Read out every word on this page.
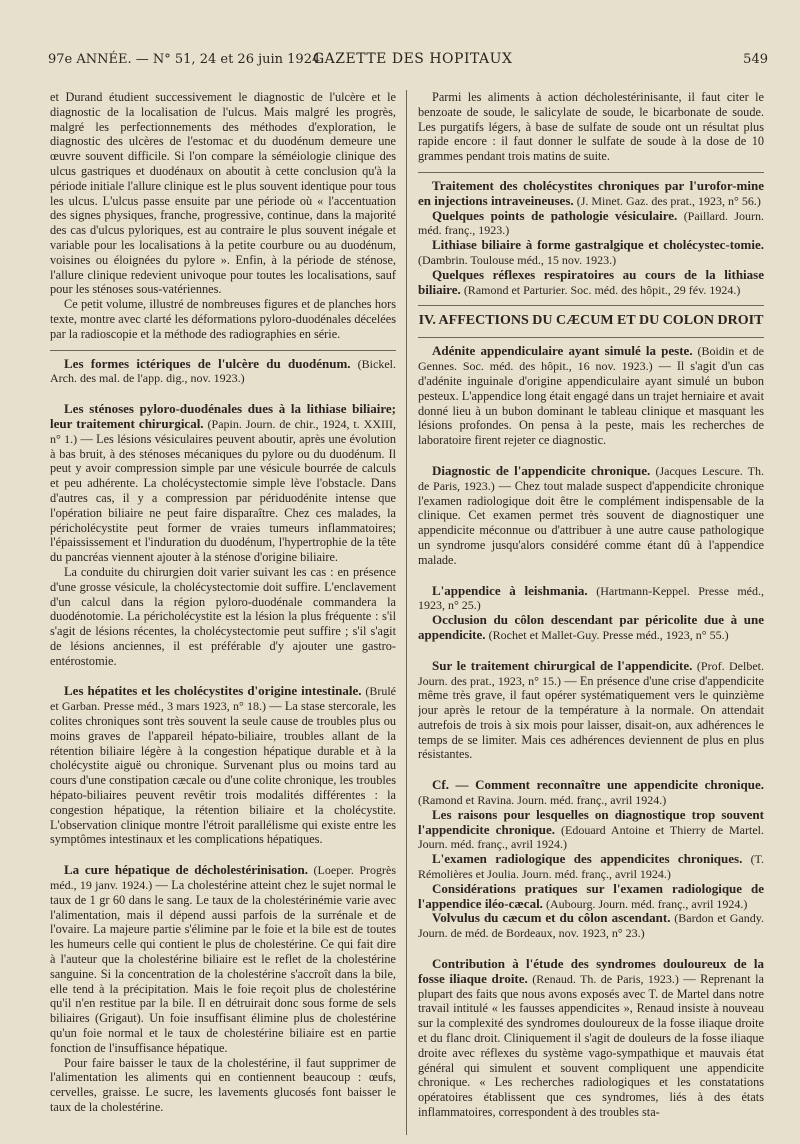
97e ANNÉE. — N° 51, 24 et 26 juin 1924.
GAZETTE DES HOPITAUX	549

et Durand étudient successivement le diagnostic de l'ulcère et le diagnostic de la localisation de l'ulcus. Mais malgré les progrès, malgré les perfectionnements des méthodes d'exploration, le diagnostic des ulcères de l'estomac et du duodénum demeure une œuvre souvent difficile. Si l'on compare la séméiologie clinique des ulcus gastriques et duodénaux on aboutit à cette conclusion qu'à la période initiale l'allure clinique est le plus souvent identique pour tous les ulcus. L'ulcus passe ensuite par une période où « l'accentuation des signes physiques, franche, progressive, continue, dans la majorité des cas d'ulcus pyloriques, est au contraire le plus souvent inégale et variable pour les localisations à la petite courbure ou au duodénum, voisines ou éloignées du pylore ». Enfin, à la période de sténose, l'allure clinique redevient univoque pour toutes les localisations, sauf pour les sténoses sous-vatériennes.

Ce petit volume, illustré de nombreuses figures et de planches hors texte, montre avec clarté les déformations pyloro-duodénales décelées par la radioscopie et la méthode des radiographies en série.

Les formes ictériques de l'ulcère du duodénum. (Bickel. Arch. des mal. de l'app. dig., nov. 1923.)

Les sténoses pyloro-duodénales dues à la lithiase biliaire; leur traitement chirurgical. (Papin. Journ. de chir., 1924, t. XXIII, n° 1.) — Les lésions vésiculaires peuvent aboutir, après une évolution à bas bruit, à des sténoses mécaniques du pylore ou du duodénum. Il peut y avoir compression simple par une vésicule bourrée de calculs et peu adhérente. La cholécystectomie simple lève l'obstacle. Dans d'autres cas, il y a compression par périduodénite intense que l'opération biliaire ne peut faire disparaître. Chez ces malades, la péricholécystite peut former de vraies tumeurs inflammatoires; l'épaississement et l'induration du duodénum, l'hypertrophie de la tête du pancréas viennent ajouter à la sténose d'origine biliaire.

La conduite du chirurgien doit varier suivant les cas : en présence d'une grosse vésicule, la cholécystectomie doit suffire. L'enclavement d'un calcul dans la région pyloro-duodénale commandera la duodénotomie. La péricholécystite est la lésion la plus fréquente : s'il s'agit de lésions récentes, la cholécystectomie peut suffire ; s'il s'agit de lésions anciennes, il est préférable d'y ajouter une gastro-entérostomie.

Les hépatites et les cholécystites d'origine intestinale. (Brulé et Garban. Presse méd., 3 mars 1923, n° 18.) — La stase stercorale, les colites chroniques sont très souvent la seule cause de troubles plus ou moins graves de l'appareil hépato-biliaire, troubles allant de la rétention biliaire légère à la congestion hépatique durable et à la cholécystite aiguë ou chronique. Survenant plus ou moins tard au cours d'une constipation cæcale ou d'une colite chronique, les troubles hépato-biliaires peuvent revêtir trois modalités différentes : la congestion hépatique, la rétention biliaire et la cholécystite. L'observation clinique montre l'étroit parallélisme qui existe entre les symptômes intestinaux et les complications hépatiques.

La cure hépatique de décholestérinisation. (Loeper. Progrès méd., 19 janv. 1924.) — La cholestérine atteint chez le sujet normal le taux de 1 gr 60 dans le sang. Le taux de la cholestérinémie varie avec l'alimentation, mais il dépend aussi parfois de la surrénale et de l'ovaire. La majeure partie s'élimine par le foie et la bile est de toutes les humeurs celle qui contient le plus de cholestérine. Ce qui fait dire à l'auteur que la cholestérine biliaire est le reflet de la cholestérine sanguine. Si la concentration de la cholestérine s'accroît dans la bile, elle tend à la précipitation. Mais le foie reçoit plus de cholestérine qu'il n'en restitue par la bile. Il en détruirait donc sous forme de sels biliaires (Grigaut). Un foie insuffisant élimine plus de cholestérine qu'un foie normal et le taux de cholestérine biliaire est en partie fonction de l'insuffisance hépatique.

Pour faire baisser le taux de la cholestérine, il faut supprimer de l'alimentation les aliments qui en contiennent beaucoup : œufs, cervelles, graisse. Le sucre, les lavements glucosés font baisser le taux de la cholestérine.

Parmi les aliments à action décholestérinisante, il faut citer le benzoate de soude, le salicylate de soude, le bicarbonate de soude. Les purgatifs légers, à base de sulfate de soude ont un résultat plus rapide encore : il faut donner le sulfate de soude à la dose de 10 grammes pendant trois matins de suite.

Traitement des cholécystites chroniques par l'urofor-mine en injections intraveineuses. (J. Minet. Gaz. des prat., 1923, n° 56.)

Quelques points de pathologie vésiculaire. (Paillard. Journ. méd. franç., 1923.)

Lithiase biliaire à forme gastralgique et cholécystec-tomie. (Dambrin. Toulouse méd., 15 nov. 1923.)

Quelques réflexes respiratoires au cours de la lithiase biliaire. (Ramond et Parturier. Soc. méd. des hôpit., 29 fév. 1924.)

IV. AFFECTIONS DU CÆCUM ET DU COLON DROIT

Adénite appendiculaire ayant simulé la peste. (Boidin et de Gennes. Soc. méd. des hôpit., 16 nov. 1923.) — Il s'agit d'un cas d'adénite inguinale d'origine appendiculaire ayant simulé un bubon pesteux. L'appendice long était engagé dans un trajet herniaire et avait donné lieu à un bubon dominant le tableau clinique et masquant les lésions profondes. On pensa à la peste, mais les recherches de laboratoire firent rejeter ce diagnostic.

Diagnostic de l'appendicite chronique. (Jacques Lescure. Th. de Paris, 1923.) — Chez tout malade suspect d'appendicite chronique l'examen radiologique doit être le complément indispensable de la clinique. Cet examen permet très souvent de diagnostiquer une appendicite méconnue ou d'attribuer à une autre cause pathologique un syndrome jusqu'alors considéré comme étant dû à l'appendice malade.

L'appendice à leishmania. (Hartmann-Keppel. Presse méd., 1923, n° 25.)

Occlusion du côlon descendant par péricolite due à une appendicite. (Rochet et Mallet-Guy. Presse méd., 1923, n° 55.)

Sur le traitement chirurgical de l'appendicite. (Prof. Delbet. Journ. des prat., 1923, n° 15.) — En présence d'une crise d'appendicite même très grave, il faut opérer systématiquement vers le quinzième jour après le retour de la température à la normale. On attendait autrefois de trois à six mois pour laisser, disait-on, aux adhérences le temps de se limiter. Mais ces adhérences deviennent de plus en plus résistantes.

Cf. — Comment reconnaître une appendicite chronique. (Ramond et Ravina. Journ. méd. franç., avril 1924.)

Les raisons pour lesquelles on diagnostique trop souvent l'appendicite chronique. (Edouard Antoine et Thierry de Martel. Journ. méd. franç., avril 1924.)

L'examen radiologique des appendicites chroniques. (T. Rémolières et Joulia. Journ. méd. franç., avril 1924.)

Considérations pratiques sur l'examen radiologique de l'appendice iléo-cæcal. (Aubourg. Journ. méd. franç., avril 1924.)

Volvulus du cæcum et du côlon ascendant. (Bardon et Gandy. Journ. de méd. de Bordeaux, nov. 1923, n° 23.)

Contribution à l'étude des syndromes douloureux de la fosse iliaque droite. (Renaud. Th. de Paris, 1923.) — Reprenant la plupart des faits que nous avons exposés avec T. de Martel dans notre travail intitulé « les fausses appendicites », Renaud insiste à nouveau sur la complexité des syndromes douloureux de la fosse iliaque droite et du flanc droit. Cliniquement il s'agit de douleurs de la fosse iliaque droite avec réflexes du système vago-sympathique et mauvais état général qui simulent et souvent compliquent une appendicite chronique. « Les recherches radiologiques et les constatations opératoires établissent que ces syndromes, liés à des états inflammatoires, correspondent à des troubles sta-
